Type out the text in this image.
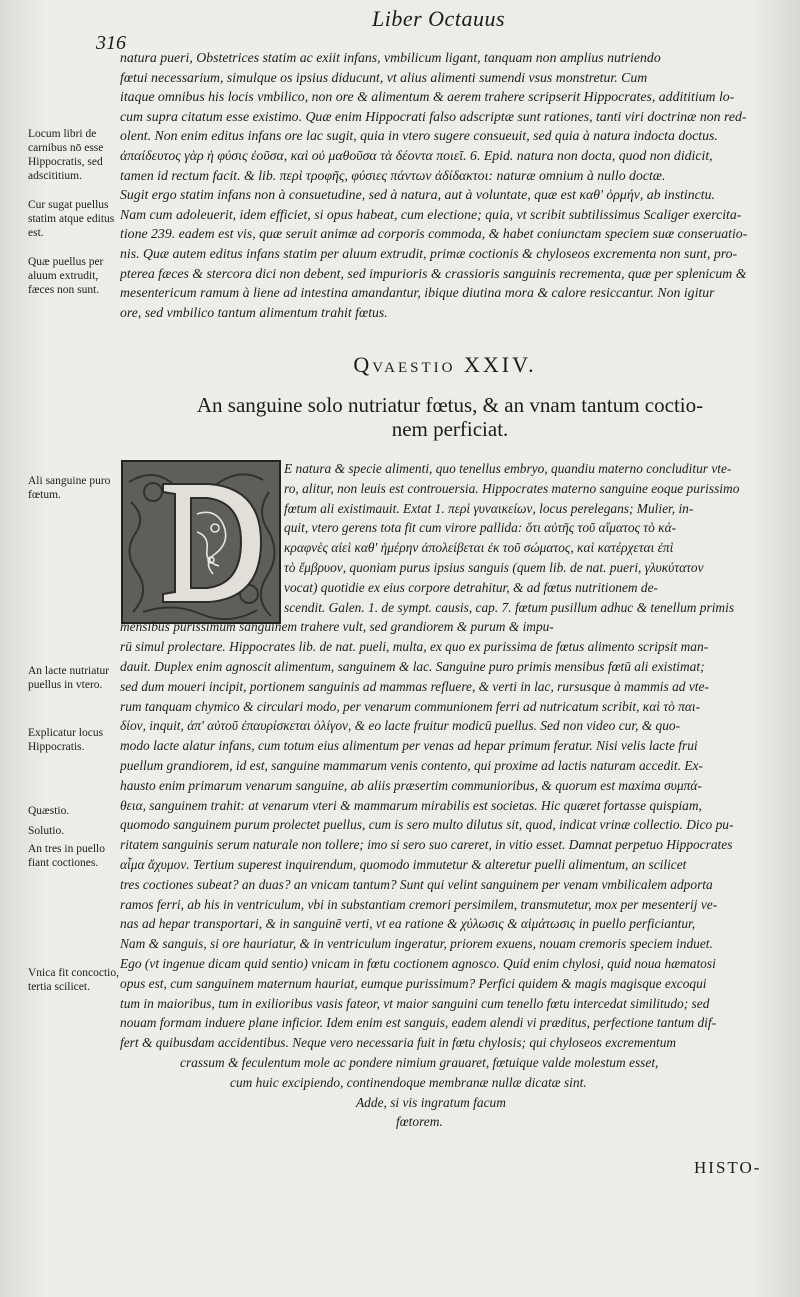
316
Liber Octauus
natura pueri, Obstetrices statim ac exiit infans, vmbilicum ligant, tanquam non amplius nutriendo
fœtui necessarium, simulque os ipsius diducunt, vt alius alimenti sumendi vsus monstretur. Cum
itaque omnibus his locis vmbilico, non ore & alimentum & aerem trahere scripserit Hippocrates, addititium lo-
cum supra citatum esse existimo. Quæ enim Hippocrati falso adscriptæ sunt rationes, tanti viri doctrinæ non red-
olent. Non enim editus infans ore lac sugit, quia in vtero sugere consueuit, sed quia à natura indocta doctus.
ἀπαίδευτος γὰρ ἡ φύσις ἐοῦσα, καὶ οὐ μαθοῦσα τὰ δέοντα ποιεῖ. 6. Epid. natura non docta, quod non didicit,
tamen id rectum facit. & lib. περὶ τροφῆς, φύσιες πάντων ἀδίδακτοι: naturæ omnium à nullo doctæ.
Sugit ergo statim infans non à consuetudine, sed à natura, aut à voluntate, quæ est καθ' ὁρμήν, ab instinctu.
Nam cum adoleuerit, idem efficiet, si opus habeat, cum electione; quia, vt scribit subtilissimus Scaliger exercita-
tione 239. eadem est vis, quæ seruit animæ ad corporis commoda, & habet coniunctam speciem suæ conseruatio-
nis. Quæ autem editus infans statim per aluum extrudit, primæ coctionis & chyloseos excrementa non sunt, pro-
pterea fæces & stercora dici non debent, sed impurioris & crassioris sanguinis recrementa, quæ per splenicum &
mesentericum ramum à liene ad intestina amandantur, ibique diutina mora & calore resiccantur. Non igitur
ore, sed vmbilico tantum alimentum trahit fœtus.
Locum libri de carnibus nō esse Hippocratis, sed adscititium.
Cur sugat puellus statim atque editus est.
Quæ puellus per aluum extrudit, fæces non sunt.
Qvaestio XXIV.
An sanguine solo nutriatur fœtus, & an vnam tantum coctio-
nem perficiat.
E natura & specie alimenti, quo tenellus embryo, quandiu materno concluditur vte-
ro, alitur, non leuis est controuersia. Hippocrates materno sanguine eoque purissimo
fœtum ali existimauit. Extat 1. περὶ γυναικείων, locus perelegans; Mulier, in-
quit, vtero gerens tota fit cum virore pallida: ὅτι αὐτῆς τοῦ αἵματος τὸ κά-
κραφνὲς αἰεὶ καθ' ἡμέρην ἀπολείβεται ἐκ τοῦ σώματος, καὶ κατέρχεται ἐπὶ
τὸ ἔμβρυον, quoniam purus ipsius sanguis (quem lib. de nat. pueri, γλυκύτατον
vocat) quotidie ex eius corpore detrahitur, & ad fœtus nutritionem de-
scendit. Galen. 1. de sympt. causis, cap. 7. fœtum pusillum adhuc & tenellum primis
mensibus purissimum sanguinem trahere vult, sed grandiorem & purum & impu-
rū simul prolectare. Hippocrates lib. de nat. pueli, multa, ex quo ex purissima de fœtus alimento scripsit man-
dauit. Duplex enim agnoscit alimentum, sanguinem & lac. Sanguine puro primis mensibus fœtū ali existimat;
sed dum moueri incipit, portionem sanguinis ad mammas refluere, & verti in lac, rursusque à mammis ad vte-
rum tanquam chymico & circulari modo, per venarum communionem ferri ad nutricatum scribit, καὶ τὸ παι-
δίον, inquit, ἀπ' αὐτοῦ ἐπαυρίσκεται ὀλίγον, & eo lacte fruitur modicū puellus. Sed non video cur, & quo-
modo lacte alatur infans, cum totum eius alimentum per venas ad hepar primum feratur. Nisi velis lacte frui
puellum grandiorem, id est, sanguine mammarum venis contento, qui proxime ad lactis naturam accedit. Ex-
hausto enim primarum venarum sanguine, ab aliis præsertim communioribus, & quorum est maxima συμπά-
θεια, sanguinem trahit: at venarum vteri & mammarum mirabilis est societas. Hic quæret fortasse quispiam,
quomodo sanguinem purum prolectet puellus, cum is sero multo dilutus sit, quod, indicat vrinæ collectio. Dico pu-
ritatem sanguinis serum naturale non tollere; imo si sero suo careret, in vitio esset. Damnat perpetuo Hippocrates
αἷμα ἄχυμον. Tertium superest inquirendum, quomodo immutetur & alteretur puelli alimentum, an scilicet
tres coctiones subeat? an duas? an vnicam tantum? Sunt qui velint sanguinem per venam vmbilicalem adporta
ramos ferri, ab his in ventriculum, vbi in substantiam cremori persimilem, transmutetur, mox per mesenterij ve-
nas ad hepar transportari, & in sanguinē verti, vt ea ratione & χύλωσις & αἱμάτωσις in puello perficiantur,
Nam & sanguis, si ore hauriatur, & in ventriculum ingeratur, priorem exuens, nouam cremoris speciem induet.
Ego (vt ingenue dicam quid sentio) vnicam in fœtu coctionem agnosco. Quid enim chylosi, quid noua hæmatosi
opus est, cum sanguinem maternum hauriat, eumque purissimum? Perfici quidem & magis magisque excoqui
tum in maioribus, tum in exilioribus vasis fateor, vt maior sanguini cum tenello fœtu intercedat similitudo; sed
nouam formam induere plane inficior. Idem enim est sanguis, eadem alendi vi præditus, perfectione tantum dif-
fert & quibusdam accidentibus. Neque vero necessaria fuit in fœtu chylosis; qui chyloseos excrementum
crassum & feculentum mole ac pondere nimium grauaret, fœtuique valde molestum esset,
cum huic excipiendo, continendoque membranæ nullæ dicatæ sint.
Adde, si vis ingratum facum
fœtorem.
Ali sanguine puro fœtum.
An lacte nutriatur puellus in vtero.
Explicatur locus Hippocratis.
Quæstio.
Solutio.
An tres in puello fiant coctiones.
Vnica fit concoctio, tertia scilicet.
HISTO-
